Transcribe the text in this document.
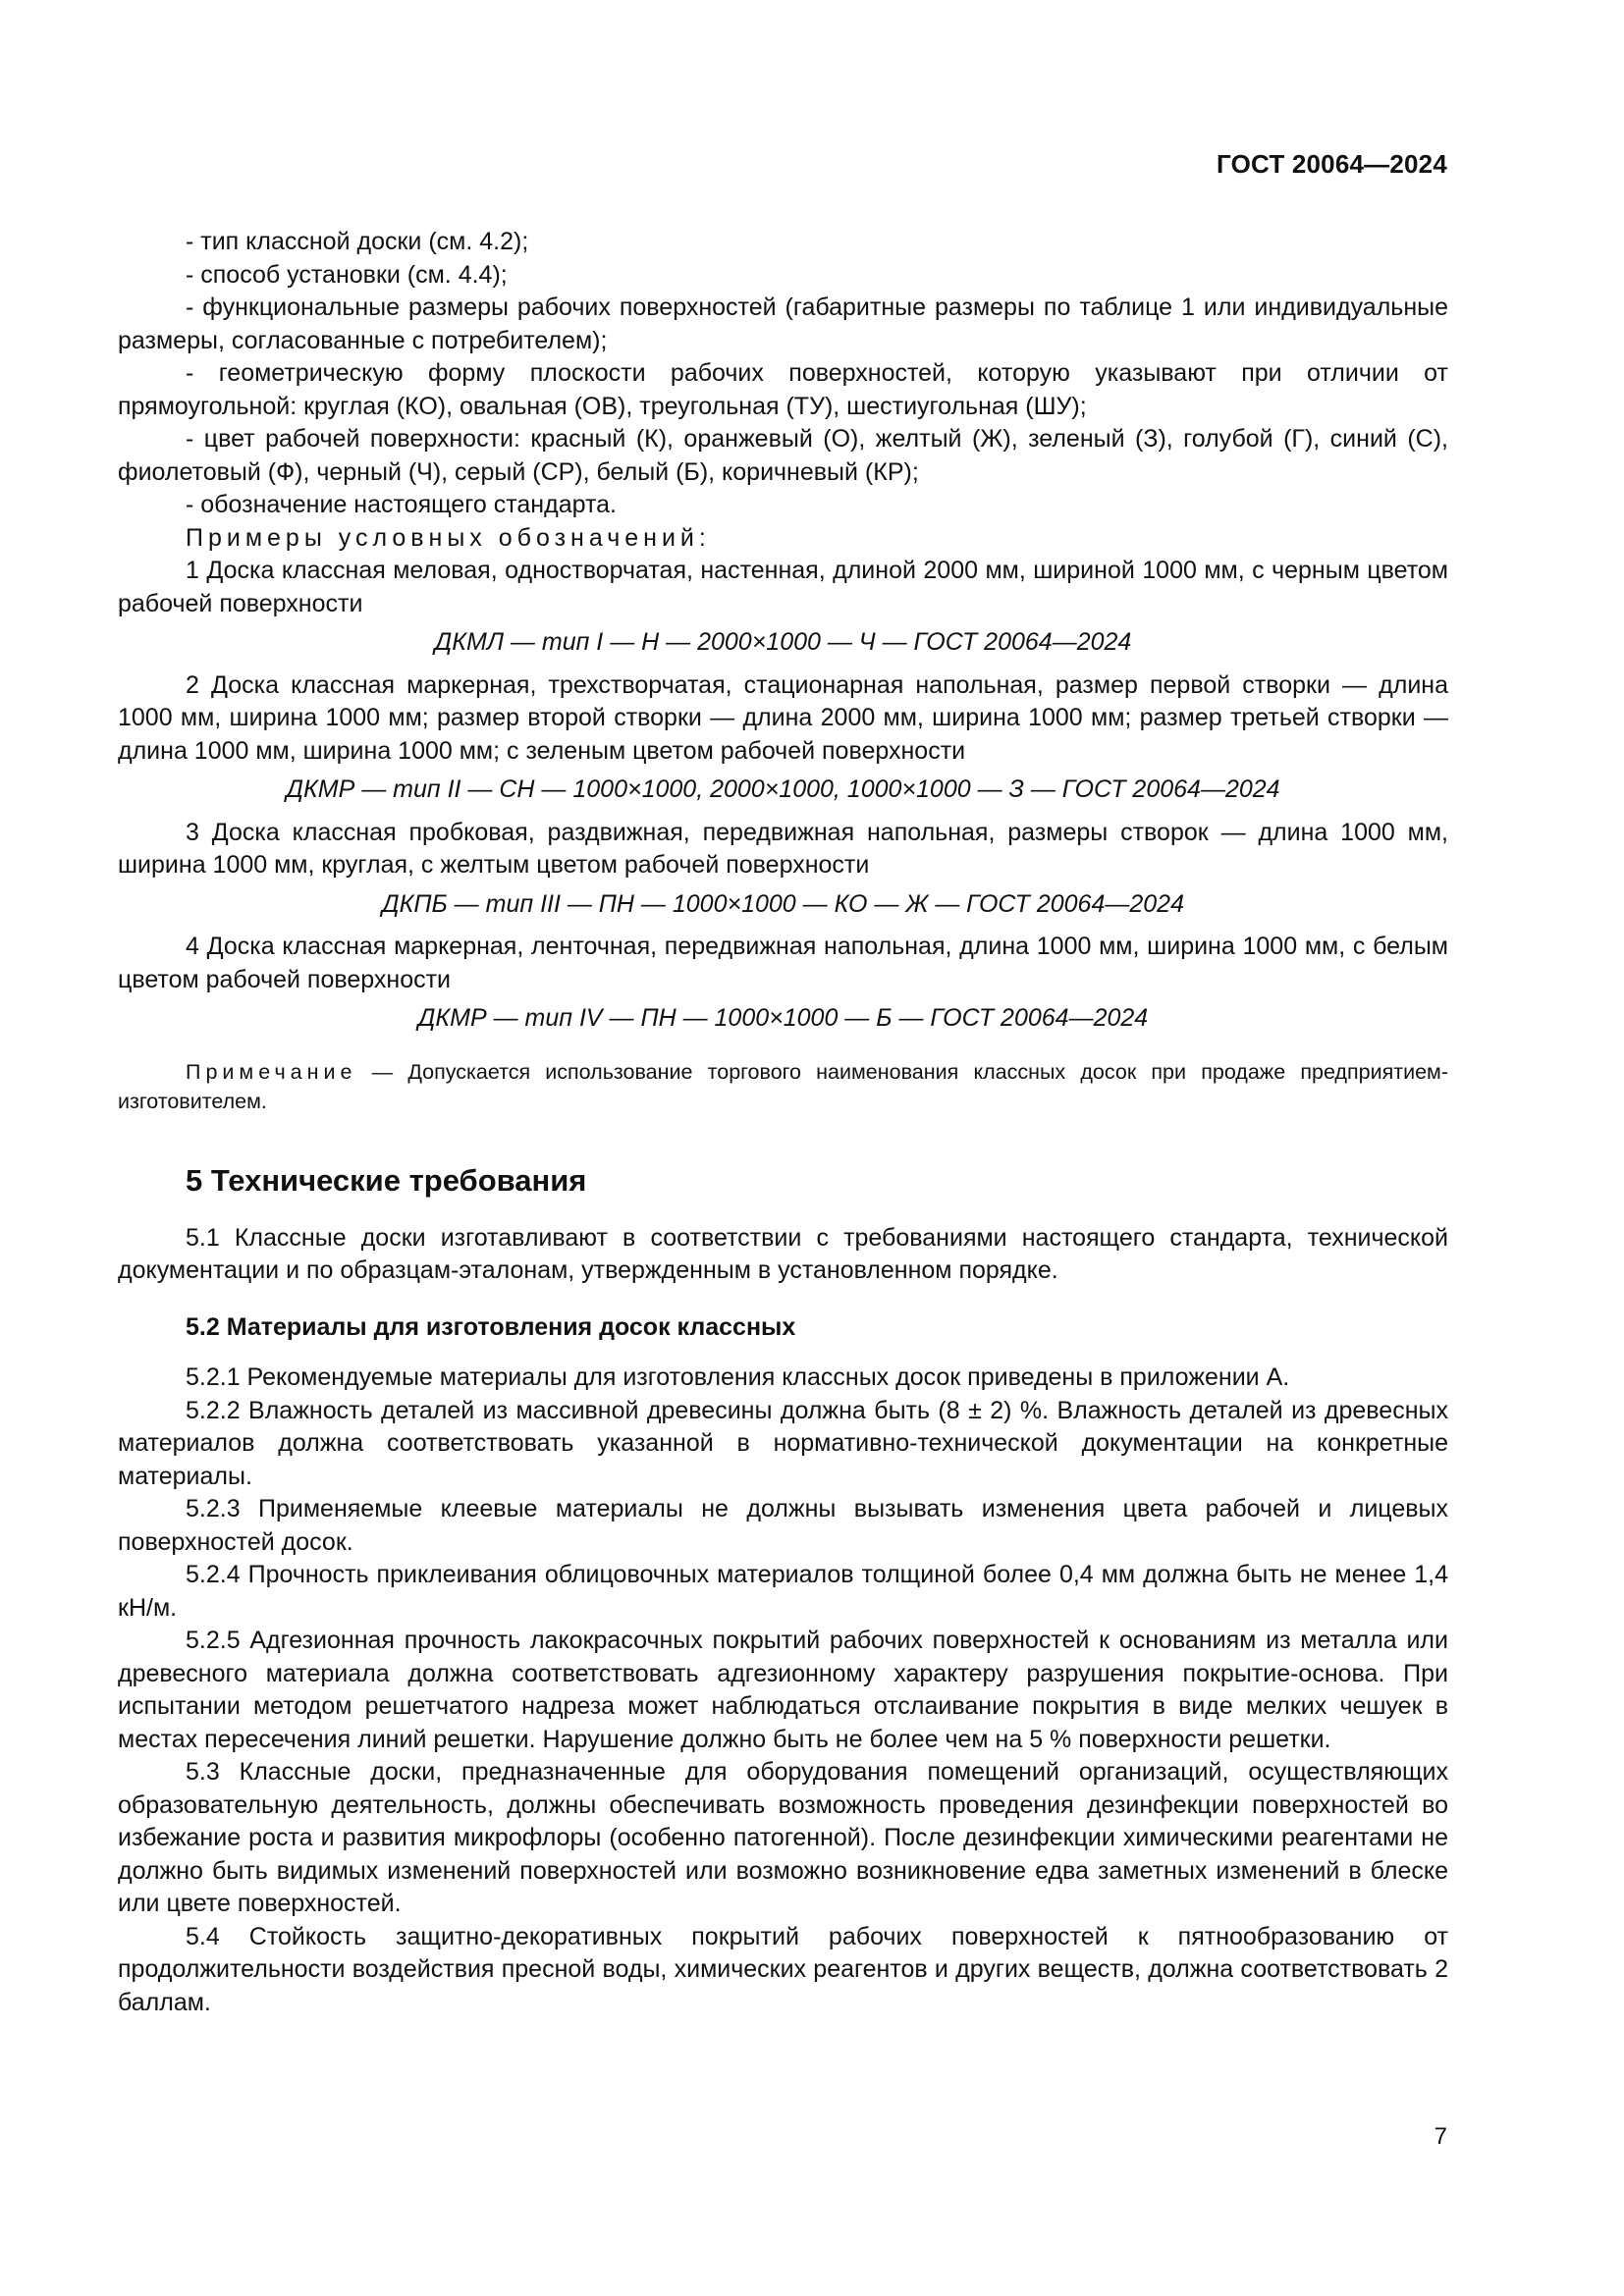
ГОСТ 20064—2024

- тип классной доски (см. 4.2);

- способ установки (см. 4.4);

- функциональные размеры рабочих поверхностей (габаритные размеры по таблице 1 или индивидуальные размеры, согласованные с потребителем);

- геометрическую форму плоскости рабочих поверхностей, которую указывают при отличии от прямоугольной: круглая (КО), овальная (ОВ), треугольная (ТУ), шестиугольная (ШУ);

- цвет рабочей поверхности: красный (К), оранжевый (О), желтый (Ж), зеленый (З), голубой (Г), синий (С), фиолетовый (Ф), черный (Ч), серый (СР), белый (Б), коричневый (КР);

- обозначение настоящего стандарта.

Примеры условных обозначений:

1 Доска классная меловая, одностворчатая, настенная, длиной 2000 мм, шириной 1000 мм, с черным цветом рабочей поверхности

ДКМЛ — тип I — Н — 2000×1000 — Ч — ГОСТ 20064—2024

2 Доска классная маркерная, трехстворчатая, стационарная напольная, размер первой створки — длина 1000 мм, ширина 1000 мм; размер второй створки — длина 2000 мм, ширина 1000 мм; размер третьей створки — длина 1000 мм, ширина 1000 мм; с зеленым цветом рабочей поверхности

ДКМР — тип II — СН — 1000×1000, 2000×1000, 1000×1000 — З — ГОСТ 20064—2024

3 Доска классная пробковая, раздвижная, передвижная напольная, размеры створок — длина 1000 мм, ширина 1000 мм, круглая, с желтым цветом рабочей поверхности

ДКПБ — тип III — ПН — 1000×1000 — КО — Ж — ГОСТ 20064—2024

4 Доска классная маркерная, ленточная, передвижная напольная, длина 1000 мм, ширина 1000 мм, с белым цветом рабочей поверхности

ДКМР — тип IV — ПН — 1000×1000 — Б — ГОСТ 20064—2024

Примечание — Допускается использование торгового наименования классных досок при продаже предприятием-изготовителем.

5 Технические требования

5.1 Классные доски изготавливают в соответствии с требованиями настоящего стандарта, технической документации и по образцам-эталонам, утвержденным в установленном порядке.

5.2 Материалы для изготовления досок классных

5.2.1 Рекомендуемые материалы для изготовления классных досок приведены в приложении А.

5.2.2 Влажность деталей из массивной древесины должна быть (8 ± 2) %. Влажность деталей из древесных материалов должна соответствовать указанной в нормативно-технической документации на конкретные материалы.

5.2.3 Применяемые клеевые материалы не должны вызывать изменения цвета рабочей и лицевых поверхностей досок.

5.2.4 Прочность приклеивания облицовочных материалов толщиной более 0,4 мм должна быть не менее 1,4 кН/м.

5.2.5 Адгезионная прочность лакокрасочных покрытий рабочих поверхностей к основаниям из металла или древесного материала должна соответствовать адгезионному характеру разрушения покрытие-основа. При испытании методом решетчатого надреза может наблюдаться отслаивание покрытия в виде мелких чешуек в местах пересечения линий решетки. Нарушение должно быть не более чем на 5 % поверхности решетки.

5.3 Классные доски, предназначенные для оборудования помещений организаций, осуществляющих образовательную деятельность, должны обеспечивать возможность проведения дезинфекции поверхностей во избежание роста и развития микрофлоры (особенно патогенной). После дезинфекции химическими реагентами не должно быть видимых изменений поверхностей или возможно возникновение едва заметных изменений в блеске или цвете поверхностей.

5.4 Стойкость защитно-декоративных покрытий рабочих поверхностей к пятнообразованию от продолжительности воздействия пресной воды, химических реагентов и других веществ, должна соответствовать 2 баллам.

7
